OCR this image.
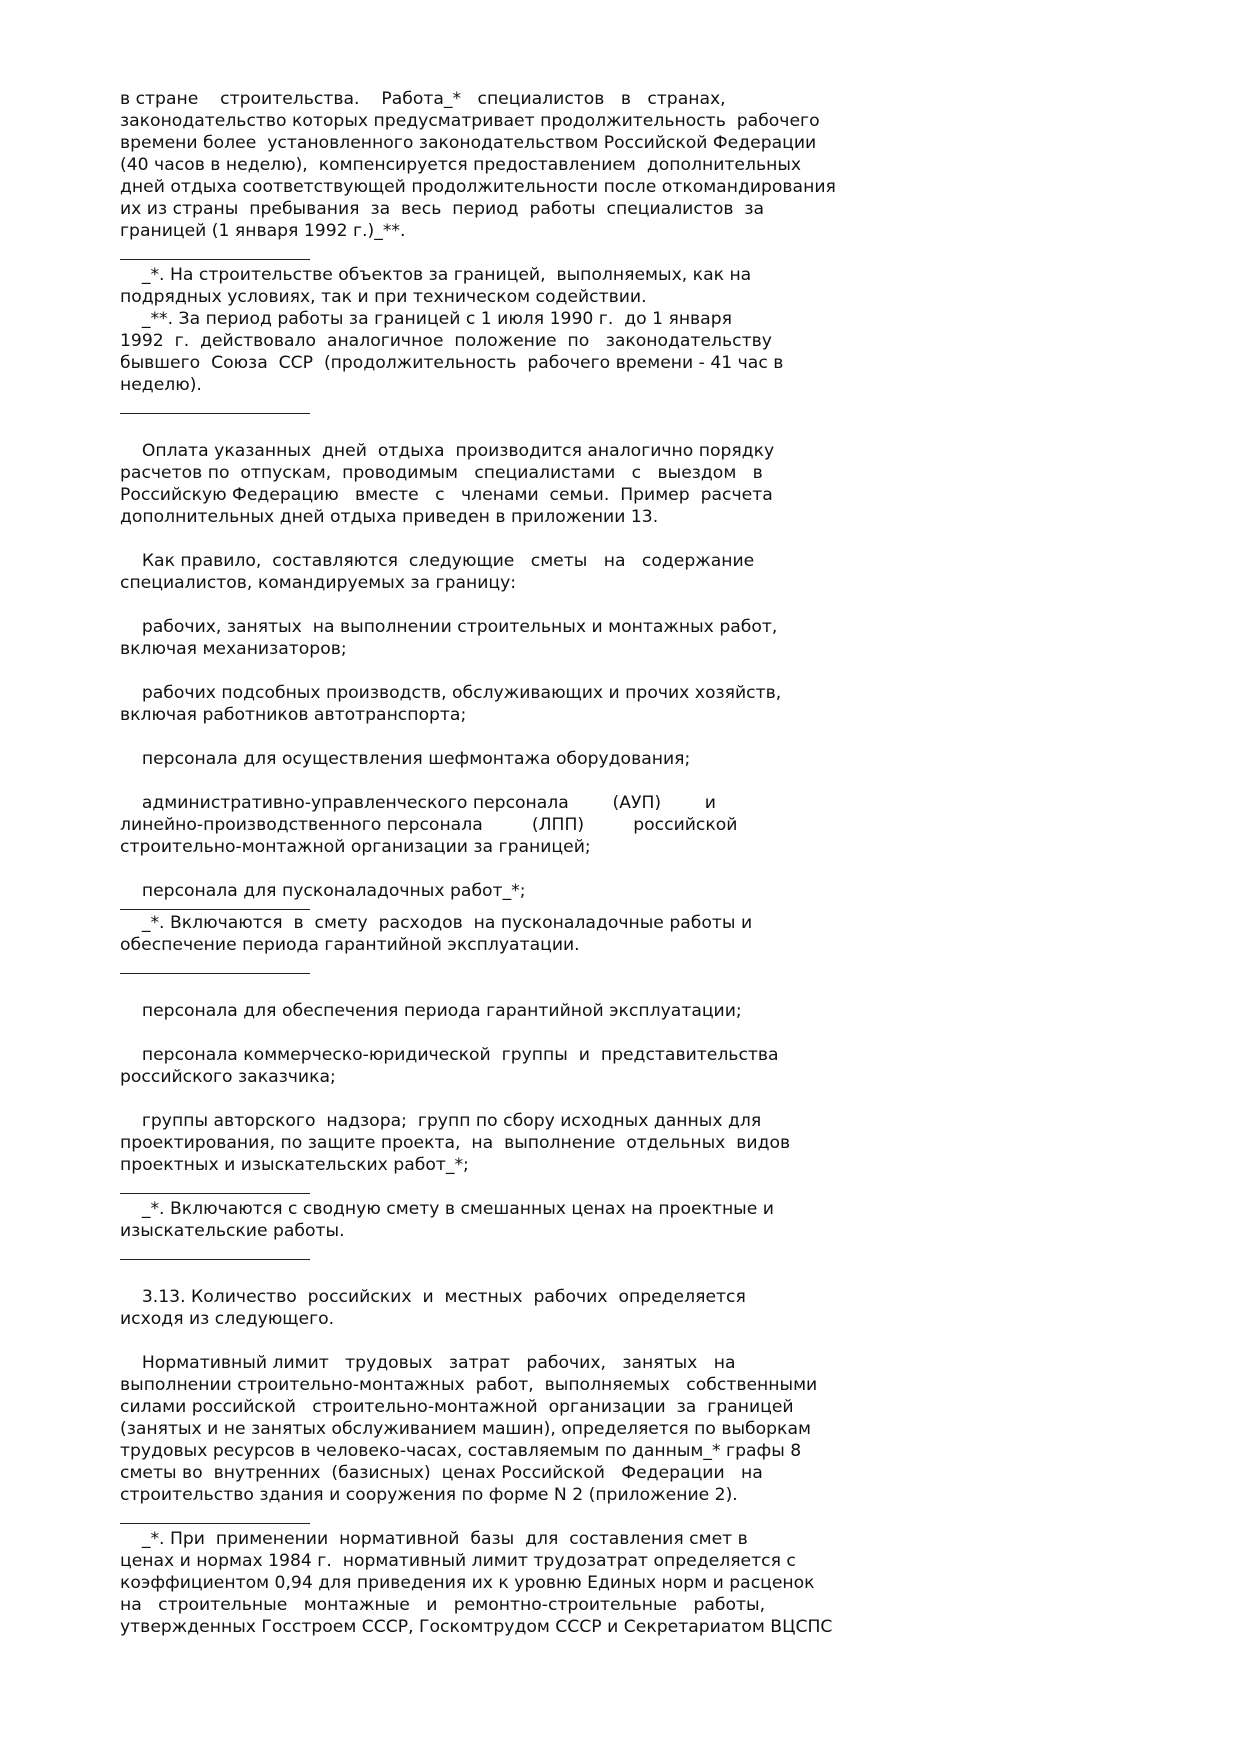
в стране    строительства.    Работа_*   специалистов   в   странах,
законодательство которых предусматривает продолжительность  рабочего
времени более  установленного законодательством Российской Федерации
(40 часов в неделю),  компенсируется предоставлением  дополнительных
дней отдыха соответствующей продолжительности после откомандирования
их из страны  пребывания  за  весь  период  работы  специалистов  за
границей (1 января 1992 г.)_**.
_*. На строительстве объектов за границей,  выполняемых, как на
подрядных условиях, так и при техническом содействии.
_**. За период работы за границей с 1 июля 1990 г.  до 1 января
1992  г.  действовало  аналогичное  положение  по   законодательству
бывшего  Союза  ССР  (продолжительность  рабочего времени - 41 час в
неделю).
Оплата указанных  дней  отдыха  производится аналогично порядку
расчетов по  отпускам,  проводимым   специалистами   с   выездом   в
Российскую Федерацию   вместе   с   членами  семьи.  Пример  расчета
дополнительных дней отдыха приведен в приложении 13.
Как правило,  составляются  следующие   сметы   на   содержание
специалистов, командируемых за границу:
рабочих, занятых  на выполнении строительных и монтажных работ,
включая механизаторов;
рабочих подсобных производств, обслуживающих и прочих хозяйств,
включая работников автотранспорта;
персонала для осуществления шефмонтажа оборудования;
административно-управленческого персонала        (АУП)        и
линейно-производственного персонала         (ЛПП)         российской
строительно-монтажной организации за границей;
персонала для пусконаладочных работ_*;
_*. Включаются  в  смету  расходов  на пусконаладочные работы и
обеспечение периода гарантийной эксплуатации.
персонала для обеспечения периода гарантийной эксплуатации;
персонала коммерческо-юридической  группы  и  представительства
российского заказчика;
группы авторского  надзора;  групп по сбору исходных данных для
проектирования, по защите проекта,  на  выполнение  отдельных  видов
проектных и изыскательских работ_*;
_*. Включаются с сводную смету в смешанных ценах на проектные и
изыскательские работы.
3.13. Количество  российских  и  местных  рабочих  определяется
исходя из следующего.
Нормативный лимит   трудовых   затрат   рабочих,   занятых   на
выполнении строительно-монтажных  работ,  выполняемых   собственными
силами российской   строительно-монтажной  организации  за  границей
(занятых и не занятых обслуживанием машин), определяется по выборкам
трудовых ресурсов в человеко-часах, составляемым по данным_* графы 8
сметы во  внутренних  (базисных)  ценах Российской   Федерации   на
строительство здания и сооружения по форме N 2 (приложение 2).
_*. При  применении  нормативной  базы  для  составления смет в
ценах и нормах 1984 г.  нормативный лимит трудозатрат определяется с
коэффициентом 0,94 для приведения их к уровню Единых норм и расценок
на   строительные   монтажные   и   ремонтно-строительные   работы,
утвержденных Госстроем СССР, Госкомтрудом СССР и Секретариатом ВЦСПС
